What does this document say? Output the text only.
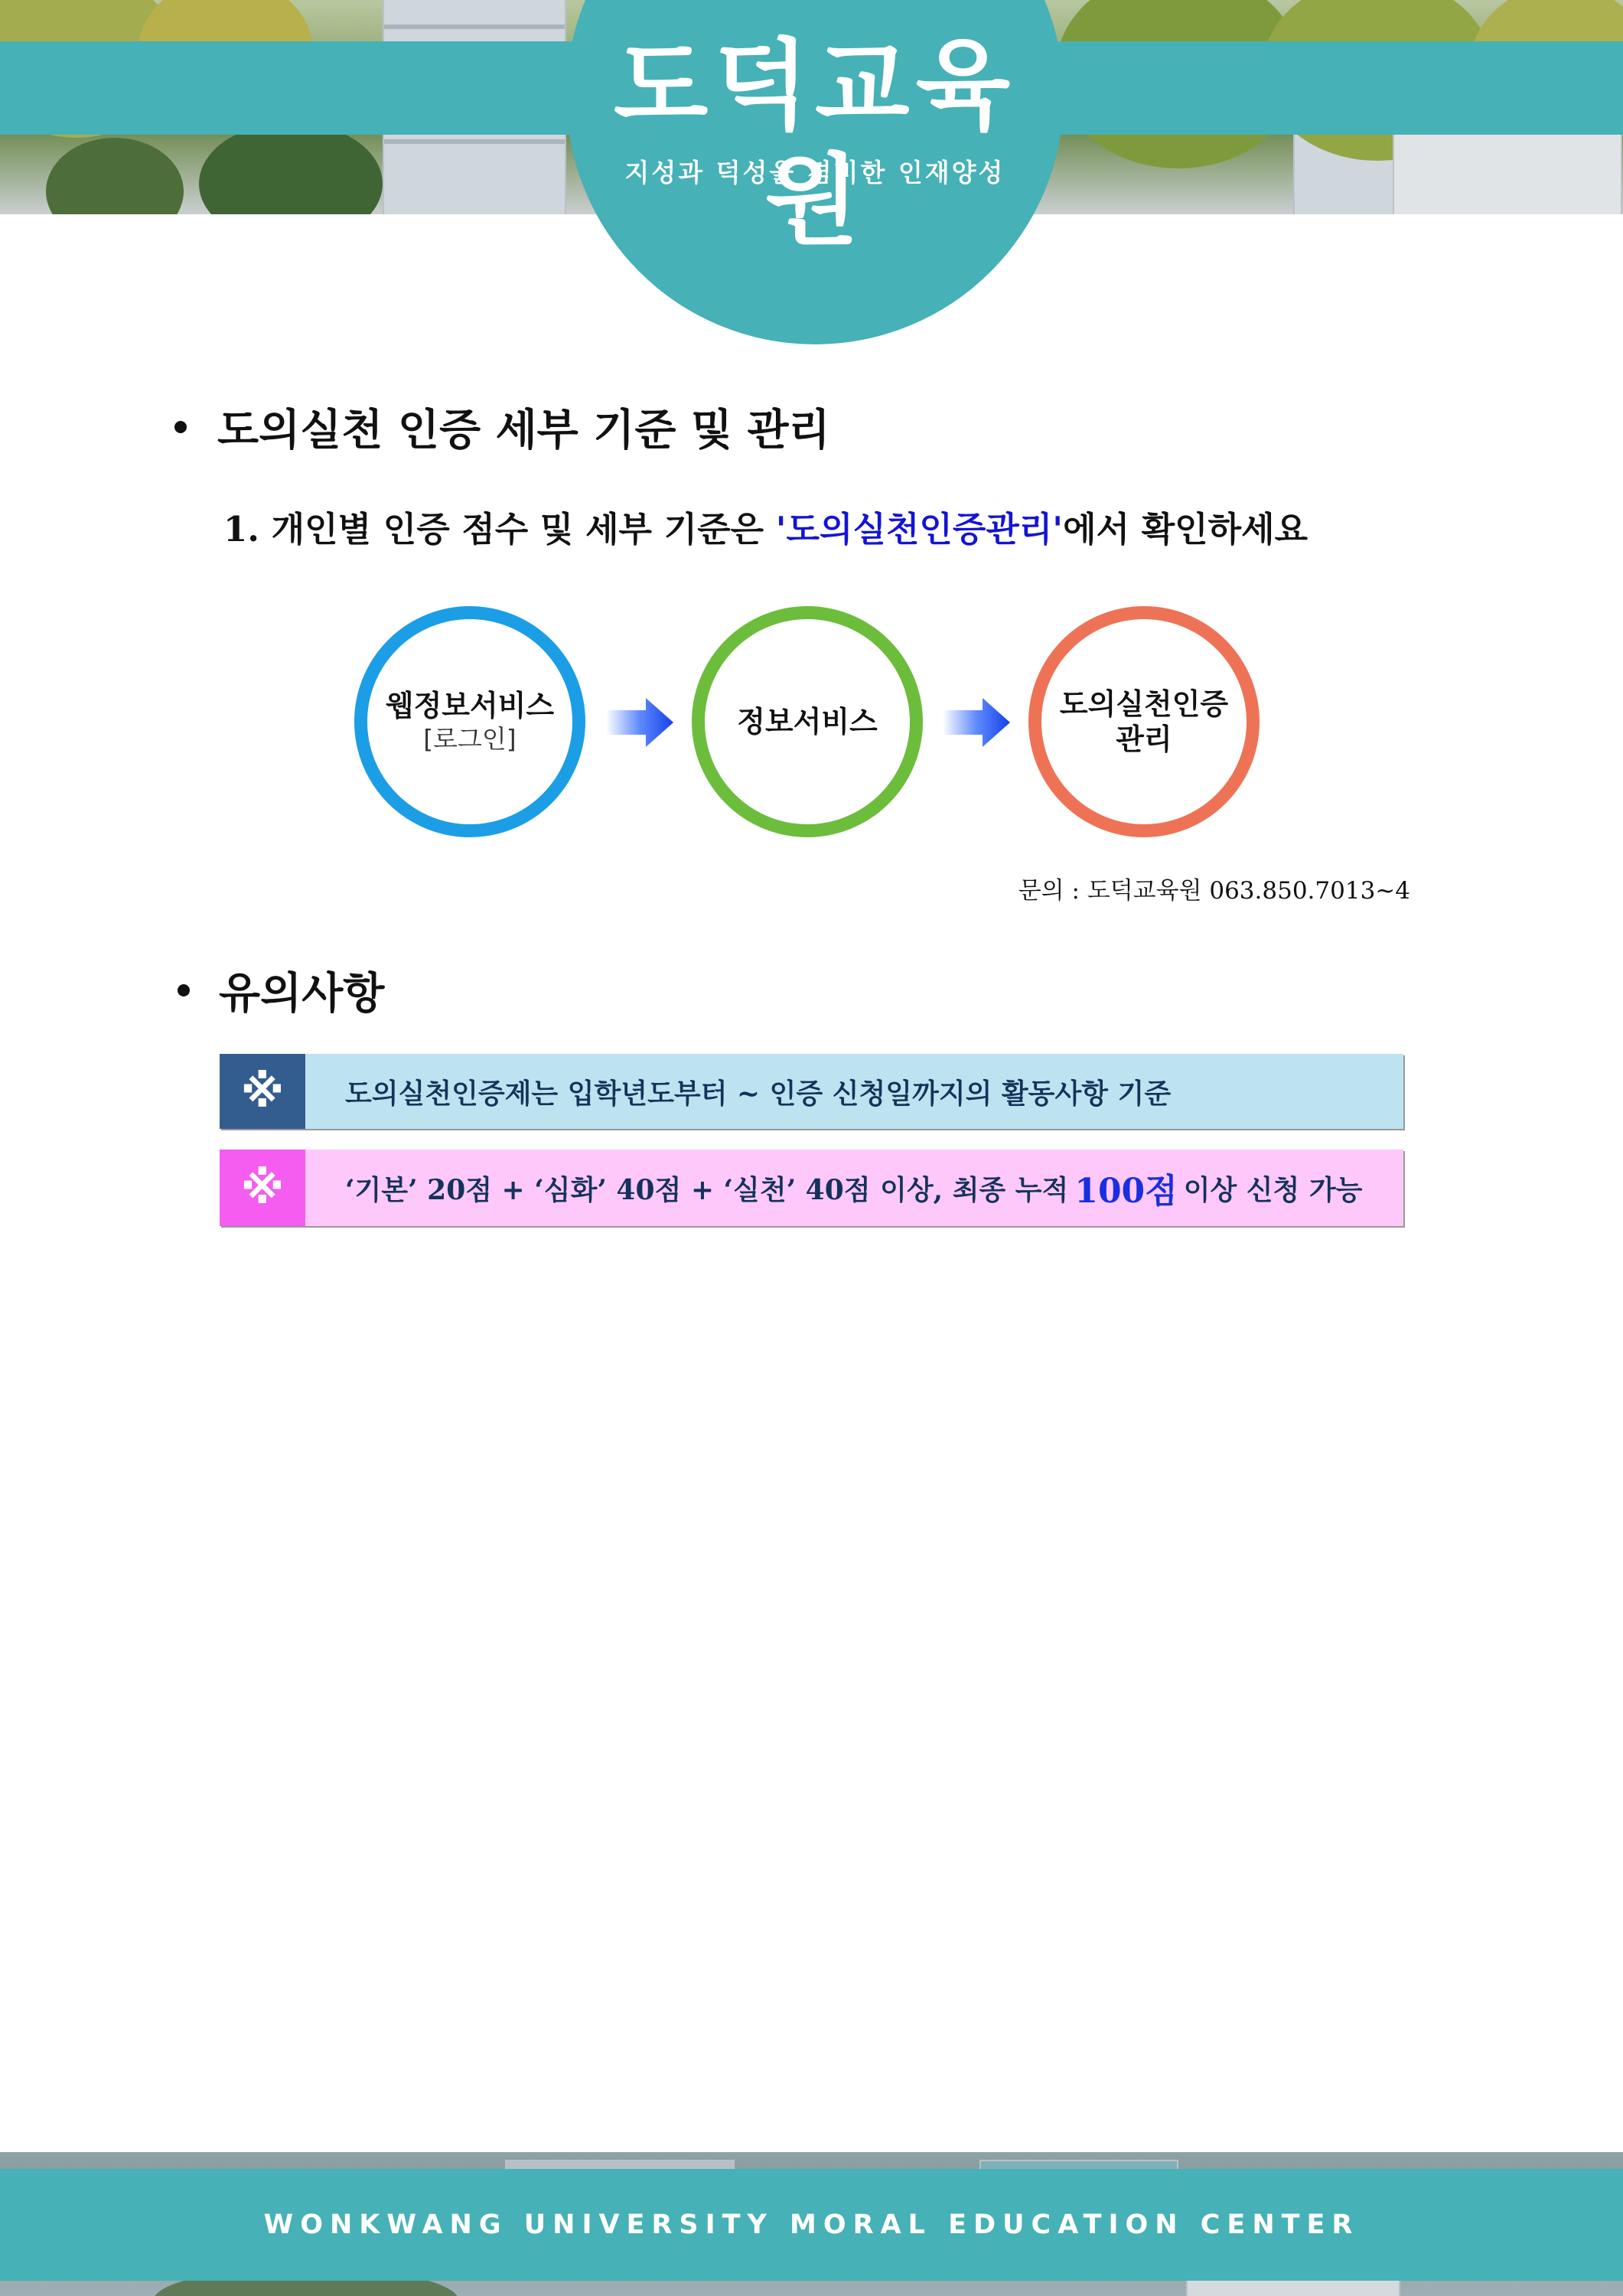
도덕교육원
지성과 덕성을 겸비한 인재양성
도의실천 인증 세부 기준 및 관리
1. 개인별 인증 점수 및 세부 기준은 '도의실천인증관리'에서 확인하세요
웹정보서비스
[로그인]
정보서비스
도의실천인증
관리
문의 : 도덕교육원 063.850.7013~4
유의사항
※	도의실천인증제는 입학년도부터 ~ 인증 신청일까지의 활동사항 기준
※	‘기본’ 20점 + ‘심화’ 40점 + ‘실천’ 40점 이상, 최종 누적 100점 이상 신청 가능
WONKWANG UNIVERSITY MORAL EDUCATION CENTER
